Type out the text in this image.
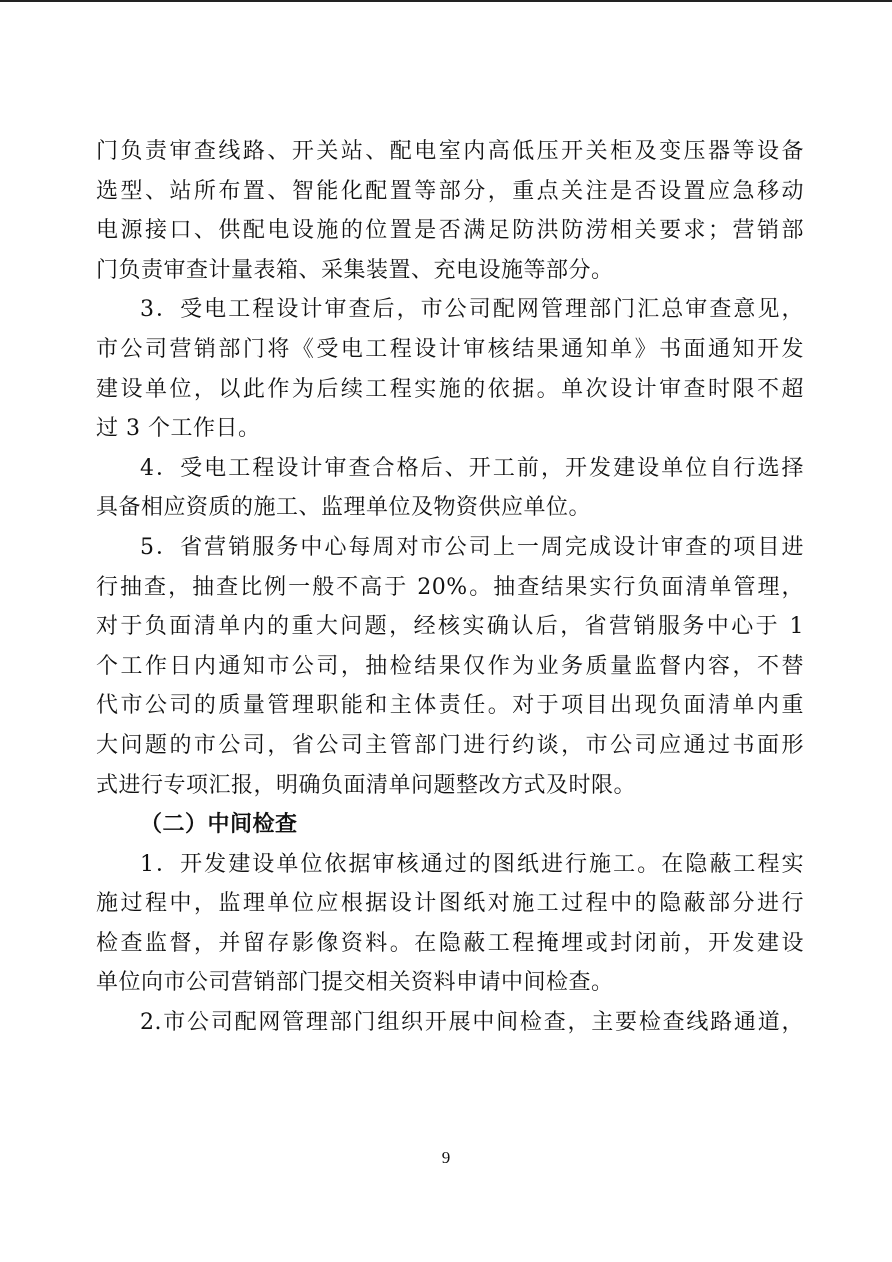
门负责审查线路、开关站、配电室内高低压开关柜及变压器等设备
选型、站所布置、智能化配置等部分，重点关注是否设置应急移动
电源接口、供配电设施的位置是否满足防洪防涝相关要求；营销部
门负责审查计量表箱、采集装置、充电设施等部分。
3．受电工程设计审查后，市公司配网管理部门汇总审查意见，
市公司营销部门将《受电工程设计审核结果通知单》书面通知开发
建设单位，以此作为后续工程实施的依据。单次设计审查时限不超
过 3 个工作日。
4．受电工程设计审查合格后、开工前，开发建设单位自行选择
具备相应资质的施工、监理单位及物资供应单位。
5．省营销服务中心每周对市公司上一周完成设计审查的项目进
行抽查，抽查比例一般不高于 20%。抽查结果实行负面清单管理，
对于负面清单内的重大问题，经核实确认后，省营销服务中心于 1
个工作日内通知市公司，抽检结果仅作为业务质量监督内容，不替
代市公司的质量管理职能和主体责任。对于项目出现负面清单内重
大问题的市公司，省公司主管部门进行约谈，市公司应通过书面形
式进行专项汇报，明确负面清单问题整改方式及时限。
（二）中间检查
1．开发建设单位依据审核通过的图纸进行施工。在隐蔽工程实
施过程中，监理单位应根据设计图纸对施工过程中的隐蔽部分进行
检查监督，并留存影像资料。在隐蔽工程掩埋或封闭前，开发建设
单位向市公司营销部门提交相关资料申请中间检查。
2.市公司配网管理部门组织开展中间检查，主要检查线路通道，
9
